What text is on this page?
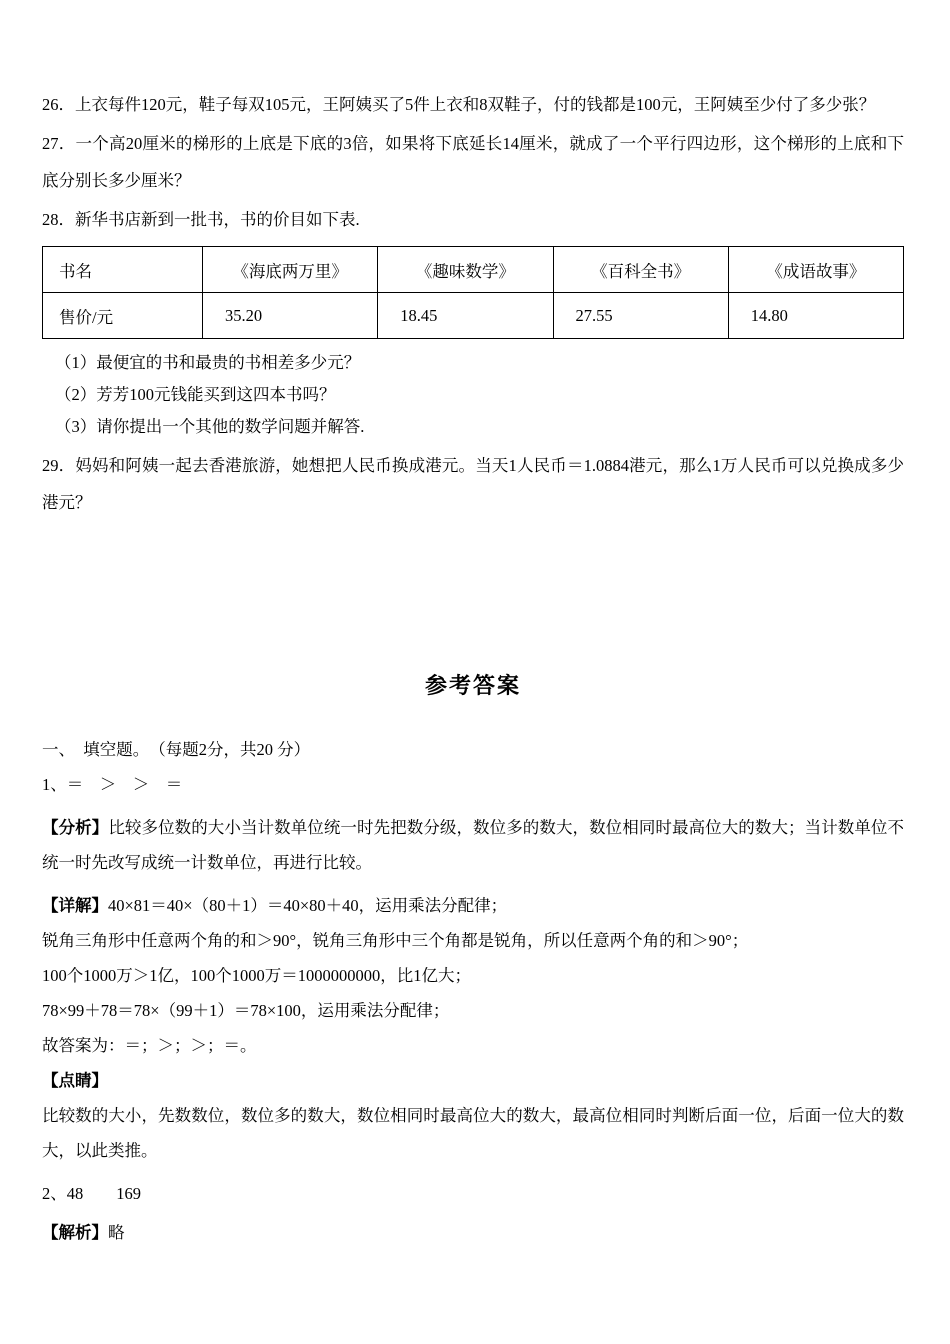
26．上衣每件120元，鞋子每双105元，王阿姨买了5件上衣和8双鞋子，付的钱都是100元，王阿姨至少付了多少张？

27．一个高20厘米的梯形的上底是下底的3倍，如果将下底延长14厘米，就成了一个平行四边形，这个梯形的上底和下底分别长多少厘米？

28．新华书店新到一批书，书的价目如下表.

书名	《海底两万里》	《趣味数学》	《百科全书》	《成语故事》
售价/元	35.20	18.45	27.55	14.80

（1）最便宜的书和最贵的书相差多少元？

（2）芳芳100元钱能买到这四本书吗？

（3）请你提出一个其他的数学问题并解答.

29．妈妈和阿姨一起去香港旅游，她想把人民币换成港元。当天1人民币＝1.0884港元，那么1万人民币可以兑换成多少港元？

参考答案

一、　填空题。　（每题2分，共20 分）

1、＝　＞　＞　＝

【分析】比较多位数的大小当计数单位统一时先把数分级，数位多的数大，数位相同时最高位大的数大；当计数单位不统一时先改写成统一计数单位，再进行比较。

【详解】40×81＝40×（80＋1）＝40×80＋40，运用乘法分配律；

锐角三角形中任意两个角的和＞90°，锐角三角形中三个角都是锐角，所以任意两个角的和＞90°；

100个1000万＞1亿，100个1000万＝1000000000，比1亿大；

78×99＋78＝78×（99＋1）＝78×100，运用乘法分配律；

故答案为：＝；＞；＞；＝。

【点睛】

比较数的大小，先数数位，数位多的数大，数位相同时最高位大的数大，最高位相同时判断后面一位，后面一位大的数大，以此类推。

2、48　　169

【解析】略
